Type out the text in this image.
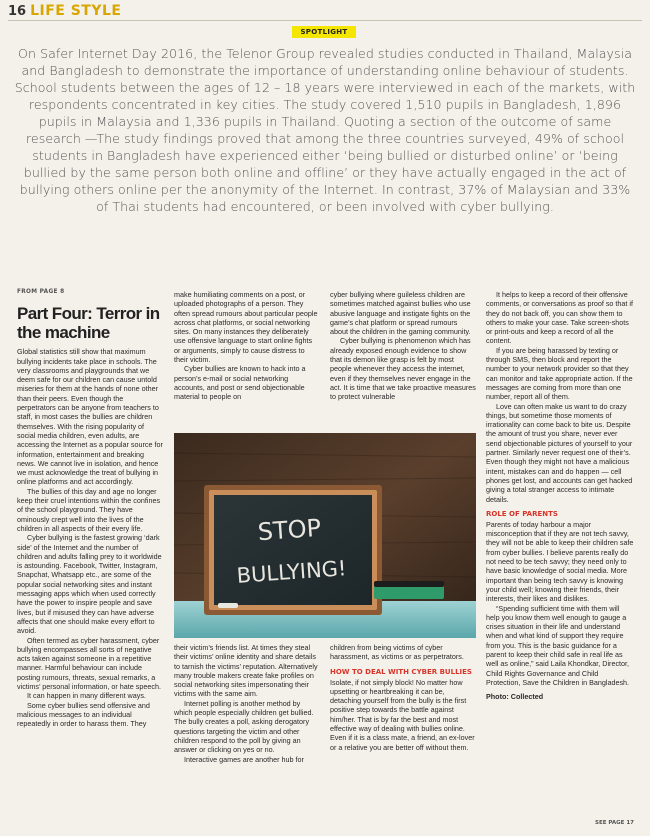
16 LIFE STYLE
SPOTLIGHT
On Safer Internet Day 2016, the Telenor Group revealed studies conducted in Thailand, Malaysia and Bangladesh to demonstrate the importance of understanding online behaviour of students. School students between the ages of 12 – 18 years were interviewed in each of the markets, with respondents concentrated in key cities. The study covered 1,510 pupils in Bangladesh, 1,896 pupils in Malaysia and 1,336 pupils in Thailand. Quoting a section of the outcome of same research —The study findings proved that among the three countries surveyed, 49% of school students in Bangladesh have experienced either ‘being bullied or disturbed online’ or ‘being bullied by the same person both online and offline’ or they have actually engaged in the act of bullying others online per the anonymity of the Internet. In contrast, 37% of Malaysian and 33% of Thai students had encountered, or been involved with cyber bullying.
FROM PAGE 8
Part Four: Terror in the machine

Global statistics still show that maximum bullying incidents take place in schools. The very classrooms and playgrounds that we deem safe for our children can cause untold miseries for them at the hands of none other than their peers. Even though the perpetrators can be anyone from teachers to staff, in most cases the bullies are children themselves. With the rising popularity of social media children, even adults, are accessing the Internet as a popular source for information, entertainment and breaking news. We cannot live in isolation, and hence we must acknowledge the treat of bullying in online platforms and act accordingly.

The bullies of this day and age no longer keep their cruel intentions within the confines of the school playground. They have ominously crept well into the lives of the children in all aspects of their every life.

Cyber bullying is the fastest growing ‘dark side’ of the Internet and the number of children and adults falling prey to it worldwide is astounding. Facebook, Twitter, Instagram, Snapchat, Whatsapp etc., are some of the popular social networking sites and instant messaging apps which when used correctly have the power to inspire people and save lives, but if misused they can have adverse affects that one should make every effort to avoid.

Often termed as cyber harassment, cyber bullying encompasses all sorts of negative acts taken against someone in a repetitive manner. Harmful behaviour can include posting rumours, threats, sexual remarks, a victims’ personal information, or hate speech.

It can happen in many different ways.

Some cyber bullies send offensive and malicious messages to an individual repeatedly in order to harass them. They

make humiliating comments on a post, or uploaded photographs of a person. They often spread rumours about particular people across chat platforms, or social networking sites. On many instances they deliberately use offensive language to start online fights or arguments, simply to cause distress to their victim.

Cyber bullies are known to hack into a person’s e-mail or social networking accounts, and post or send objectionable material to people on

cyber bullying where guileless children are sometimes matched against bullies who use abusive language and instigate fights on the game’s chat platform or spread rumours about the children in the gaming community.

Cyber bullying is phenomenon which has already exposed enough evidence to show that its demon like grasp is felt by most people whenever they access the internet, even if they themselves never engage in the act. It is time that we take proactive measures to protect vulnerable

It helps to keep a record of their offensive comments, or conversations as proof so that if they do not back off, you can show them to others to make your case. Take screen-shots or print-outs and keep a record of all the content.

If you are being harassed by texting or through SMS, then block and report the number to your network provider so that they can monitor and take appropriate action. If the messages are coming from more than one number, report all of them.

Love can often make us want to do crazy things, but sometime those moments of irrationality can come back to bite us. Despite the amount of trust you share, never ever send objectionable pictures of yourself to your partner. Similarly never request one of their’s. Even though they might not have a malicious intent, mistakes can and do happen — cell phones get lost, and accounts can get hacked giving a total stranger access to intimate details.

ROLE OF PARENTS

Parents of today harbour a major misconception that if they are not tech savvy, they will not be able to keep their children safe from cyber bullies. I believe parents really do not need to be tech savvy; they need only to have basic knowledge of social media. More important than being tech savvy is knowing your child well; knowing their friends, their interests, their likes and dislikes.

“Spending sufficient time with them will help you know them well enough to gauge a crises situation in their life and understand when and what kind of support they require from you. This is the basic guidance for a parent to keep their child safe in real life as well as online,” said Laila Khondkar, Director, Child Rights Governance and Child Protection, Save the Children in Bangladesh.

Photo: Collected

STOP
BULLYING!

their victim’s friends list. At times they steal their victims’ online identity and share details to tarnish the victims’ reputation. Alternatively many trouble makers create fake profiles on social networking sites impersonating their victims with the same aim.

Internet polling is another method by which people especially children get bullied. The bully creates a poll, asking derogatory questions targeting the victim and other children respond to the poll by giving an answer or clicking on yes or no.

Interactive games are another hub for

children from being victims of cyber harassment, as victims or as perpetrators.

HOW TO DEAL WITH CYBER BULLIES

Isolate, if not simply block! No matter how upsetting or heartbreaking it can be, detaching yourself from the bully is the first positive step towards the battle against him/her. That is by far the best and most effective way of dealing with bullies online. Even if it is a class mate, a friend, an ex-lover or a relative you are better off without them.

SEE PAGE 17
